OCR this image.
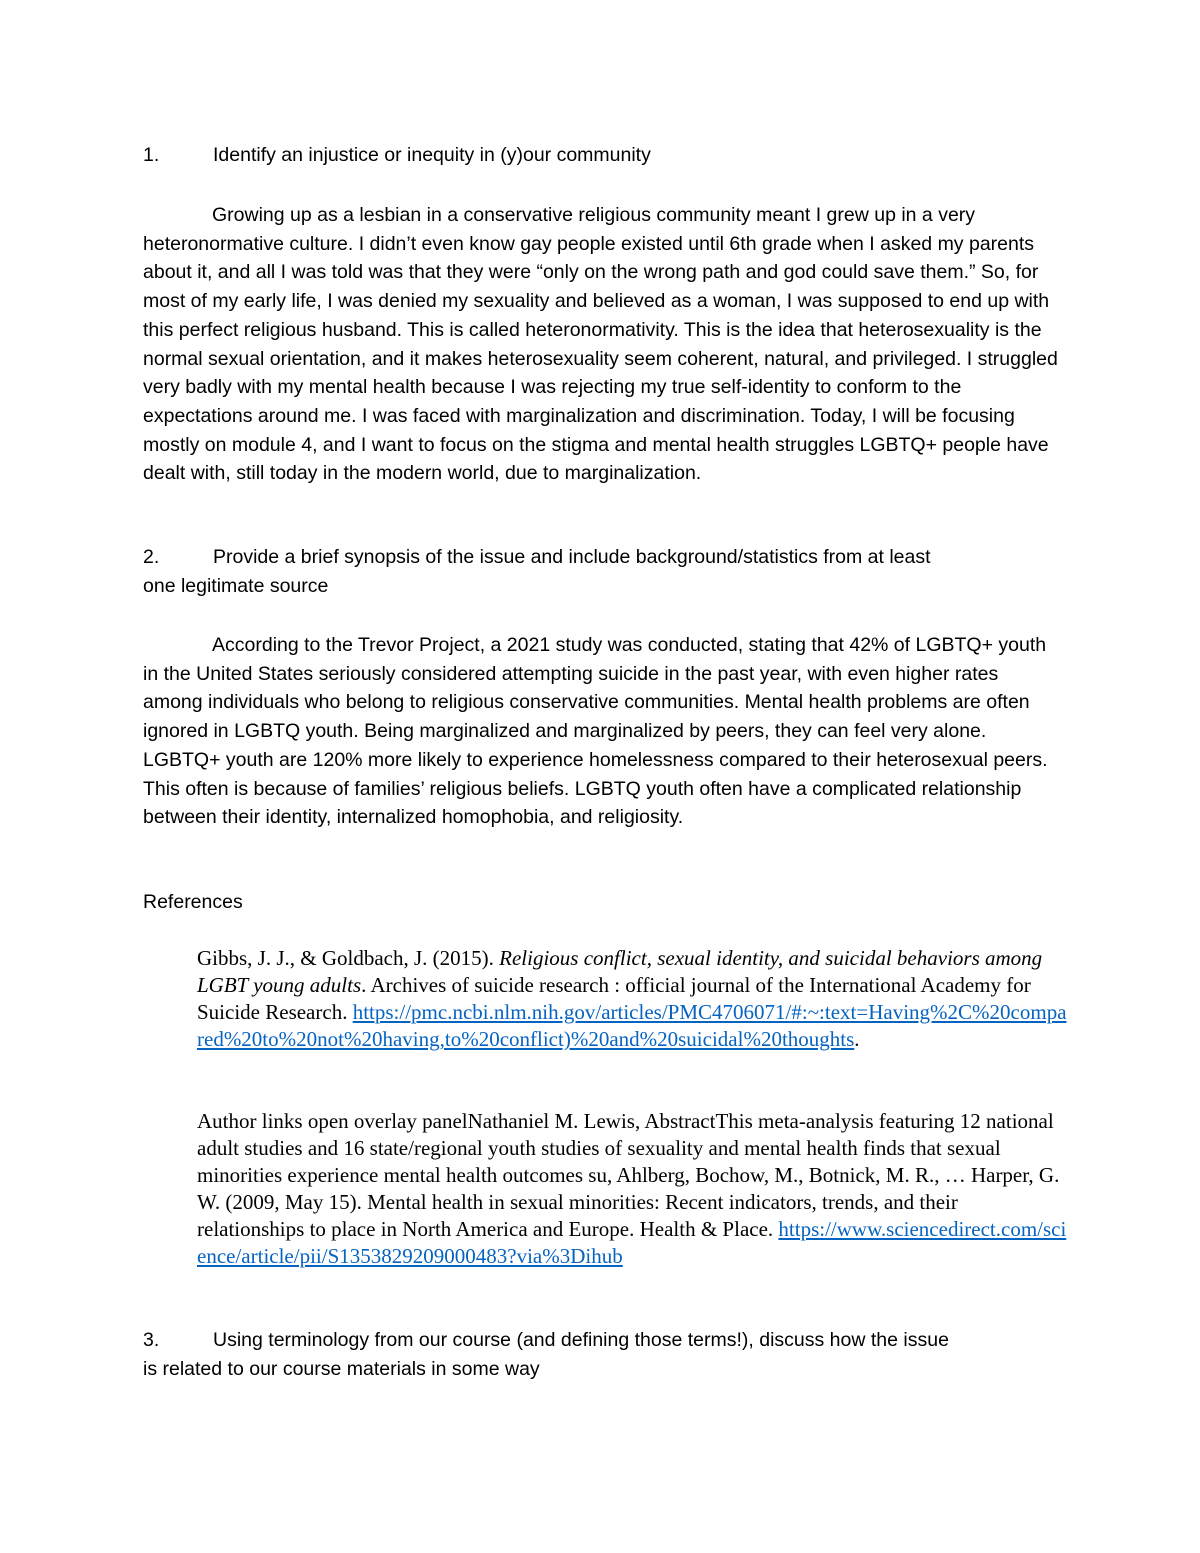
1.	Identify an injustice or inequity in (y)our community
Growing up as a lesbian in a conservative religious community meant I grew up in a very heteronormative culture. I didn’t even know gay people existed until 6th grade when I asked my parents about it, and all I was told was that they were “only on the wrong path and god could save them.” So, for most of my early life, I was denied my sexuality and believed as a woman, I was supposed to end up with this perfect religious husband. This is called heteronormativity. This is the idea that heterosexuality is the normal sexual orientation, and it makes heterosexuality seem coherent, natural, and privileged. I struggled very badly with my mental health because I was rejecting my true self-identity to conform to the expectations around me. I was faced with marginalization and discrimination. Today, I will be focusing mostly on module 4, and I want to focus on the stigma and mental health struggles LGBTQ+ people have dealt with, still today in the modern world, due to marginalization.
2.	Provide a brief synopsis of the issue and include background/statistics from at least
one legitimate source
According to the Trevor Project, a 2021 study was conducted, stating that 42% of LGBTQ+ youth in the United States seriously considered attempting suicide in the past year, with even higher rates among individuals who belong to religious conservative communities. Mental health problems are often ignored in LGBTQ youth. Being marginalized and marginalized by peers, they can feel very alone. LGBTQ+ youth are 120% more likely to experience homelessness compared to their heterosexual peers. This often is because of families’ religious beliefs. LGBTQ youth often have a complicated relationship between their identity, internalized homophobia, and religiosity.
References
Gibbs, J. J., & Goldbach, J. (2015). Religious conflict, sexual identity, and suicidal behaviors among LGBT young adults. Archives of suicide research : official journal of the International Academy for Suicide Research. https://pmc.ncbi.nlm.nih.gov/articles/PMC4706071/#:~:text=Having%2C%20compared%20to%20not%20having,to%20conflict)%20and%20suicidal%20thoughts.
Author links open overlay panelNathaniel M. Lewis, AbstractThis meta-analysis featuring 12 national adult studies and 16 state/regional youth studies of sexuality and mental health finds that sexual minorities experience mental health outcomes su, Ahlberg, Bochow, M., Botnick, M. R., … Harper, G. W. (2009, May 15). Mental health in sexual minorities: Recent indicators, trends, and their relationships to place in North America and Europe. Health & Place. https://www.sciencedirect.com/science/article/pii/S1353829209000483?via%3Dihub
3.	Using terminology from our course (and defining those terms!), discuss how the issue
is related to our course materials in some way
